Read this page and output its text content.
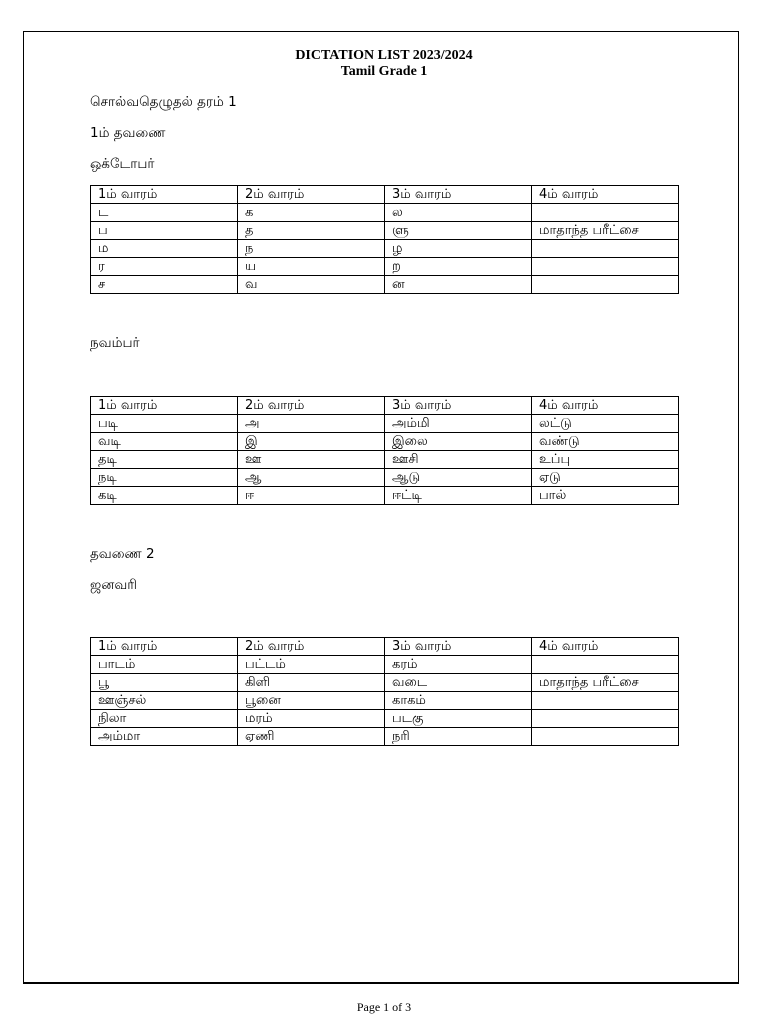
DICTATION LIST 2023/2024
Tamil Grade 1
சொல்வதெழுதல் தரம் 1
1ம் தவணை
ஒக்டோபர்
1ம் வாரம்	2ம் வாரம்	3ம் வாரம்	4ம் வாரம்
ட	க	ல	
ப	த	ளு	மாதாந்த பரீட்சை
ம	ந	ழ	
ர	ய	ற	
ச	வ	ன	
நவம்பர்
1ம் வாரம்	2ம் வாரம்	3ம் வாரம்	4ம் வாரம்
படி	அ	அம்மி	லட்டு
வடி	இ	இலை	வண்டு
தடி	ஊ	ஊசி	உப்பு
நடி	ஆ	ஆடு	ஏடு
கடி	ஈ	ஈட்டி	பால்
தவணை 2
ஜனவரி
1ம் வாரம்	2ம் வாரம்	3ம் வாரம்	4ம் வாரம்
பாடம்	பட்டம்	கரம்	
பூ	கிளி	வடை	மாதாந்த பரீட்சை
ஊஞ்சல்	பூனை	காகம்	
நிலா	மரம்	படகு	
அம்மா	ஏணி	நரி	
Page 1 of 3
